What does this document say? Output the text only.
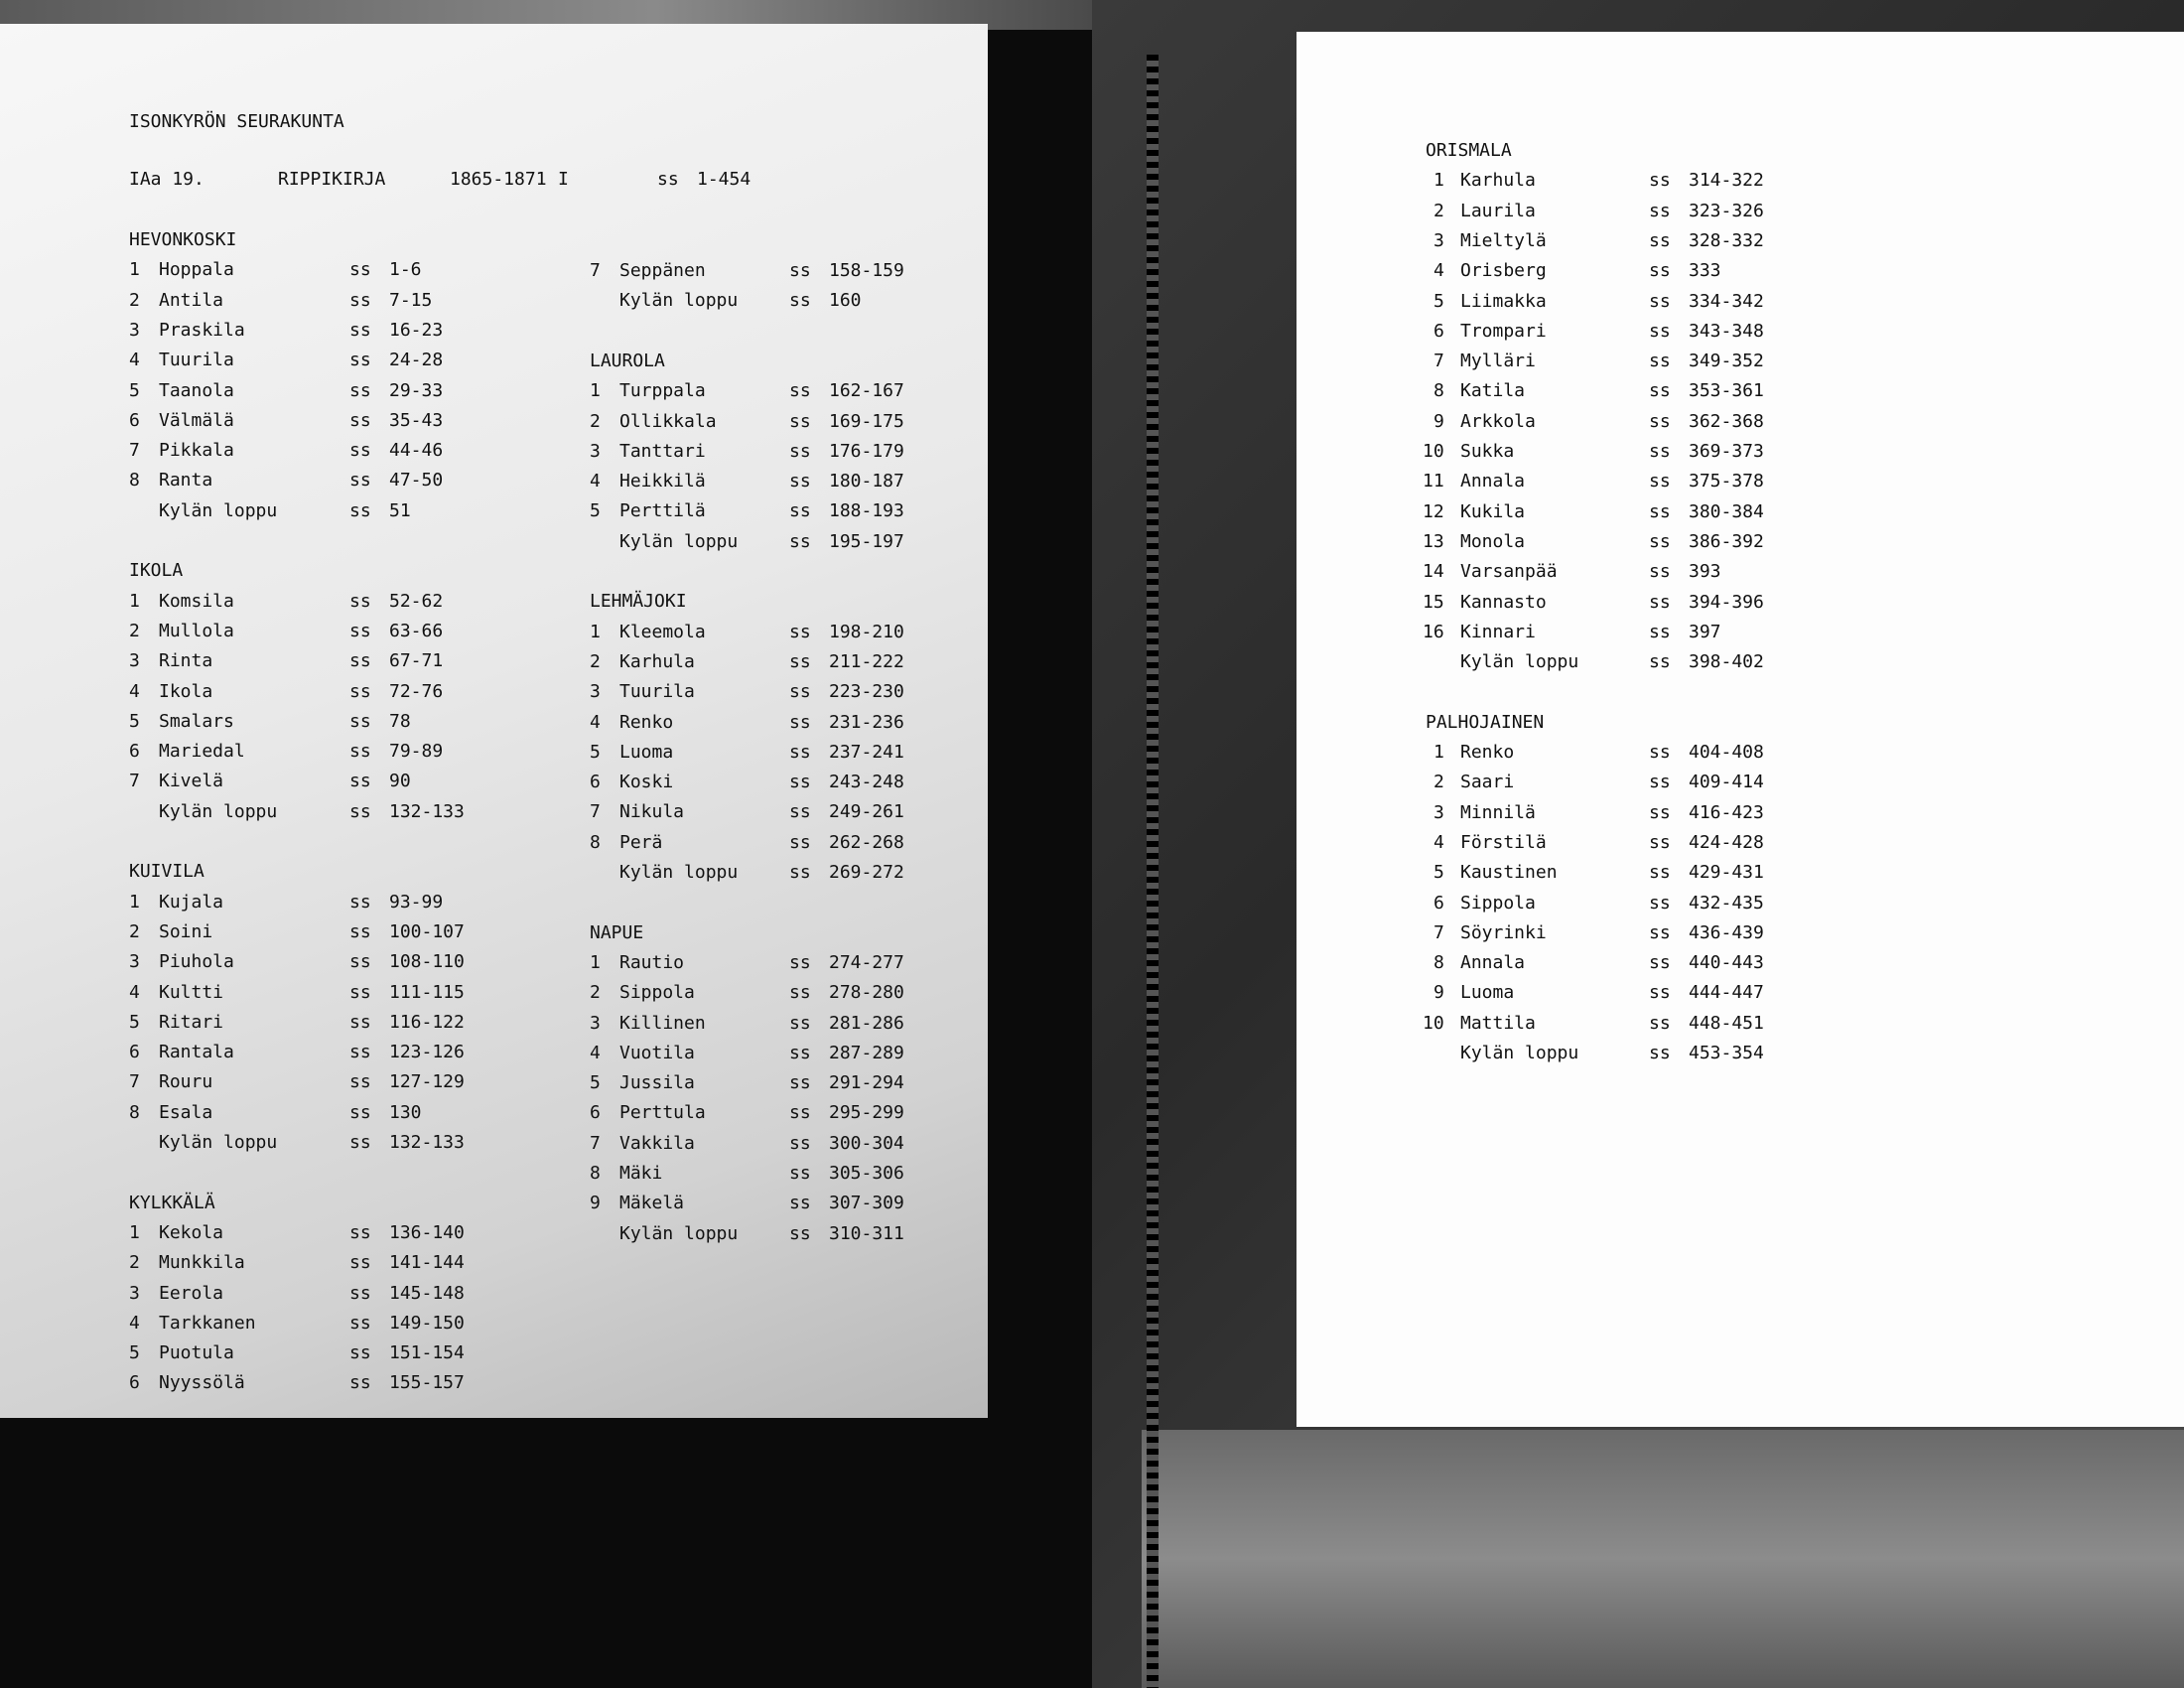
ISONKYRÖN SEURAKUNTA
IAa 19.	RIPPIKIRJA	1865-1871 I	ss 1-454
HEVONKOSKI
1 Hoppala	ss 1-6
2 Antila	ss 7-15
3 Praskila	ss 16-23
4 Tuurila	ss 24-28
5 Taanola	ss 29-33
6 Välmälä	ss 35-43
7 Pikkala	ss 44-46
8 Ranta	ss 47-50
Kylän loppu	ss 51
IKOLA
1 Komsila	ss 52-62
2 Mullola	ss 63-66
3 Rinta	ss 67-71
4 Ikola	ss 72-76
5 Smalars	ss 78
6 Mariedal	ss 79-89
7 Kivelä	ss 90
Kylän loppu	ss 132-133
KUIVILA
1 Kujala	ss 93-99
2 Soini	ss 100-107
3 Piuhola	ss 108-110
4 Kultti	ss 111-115
5 Ritari	ss 116-122
6 Rantala	ss 123-126
7 Rouru	ss 127-129
8 Esala	ss 130
Kylän loppu	ss 132-133
KYLKKÄLÄ
1 Kekola	ss 136-140
2 Munkkila	ss 141-144
3 Eerola	ss 145-148
4 Tarkkanen	ss 149-150
5 Puotula	ss 151-154
6 Nyyssölä	ss 155-157
7 Seppänen	ss 158-159
Kylän loppu	ss 160
LAUROLA
1 Turppala	ss 162-167
2 Ollikkala	ss 169-175
3 Tanttari	ss 176-179
4 Heikkilä	ss 180-187
5 Perttilä	ss 188-193
Kylän loppu	ss 195-197
LEHMÄJOKI
1 Kleemola	ss 198-210
2 Karhula	ss 211-222
3 Tuurila	ss 223-230
4 Renko	ss 231-236
5 Luoma	ss 237-241
6 Koski	ss 243-248
7 Nikula	ss 249-261
8 Perä	ss 262-268
Kylän loppu	ss 269-272
NAPUE
1 Rautio	ss 274-277
2 Sippola	ss 278-280
3 Killinen	ss 281-286
4 Vuotila	ss 287-289
5 Jussila	ss 291-294
6 Perttula	ss 295-299
7 Vakkila	ss 300-304
8 Mäki	ss 305-306
9 Mäkelä	ss 307-309
Kylän loppu	ss 310-311
ORISMALA
1 Karhula	ss 314-322
2 Laurila	ss 323-326
3 Mieltylä	ss 328-332
4 Orisberg	ss 333
5 Liimakka	ss 334-342
6 Trompari	ss 343-348
7 Mylläri	ss 349-352
8 Katila	ss 353-361
9 Arkkola	ss 362-368
10 Sukka	ss 369-373
11 Annala	ss 375-378
12 Kukila	ss 380-384
13 Monola	ss 386-392
14 Varsanpää	ss 393
15 Kannasto	ss 394-396
16 Kinnari	ss 397
Kylän loppu	ss 398-402
PALHOJAINEN
1 Renko	ss 404-408
2 Saari	ss 409-414
3 Minnilä	ss 416-423
4 Förstilä	ss 424-428
5 Kaustinen	ss 429-431
6 Sippola	ss 432-435
7 Söyrinki	ss 436-439
8 Annala	ss 440-443
9 Luoma	ss 444-447
10 Mattila	ss 448-451
Kylän loppu	ss 453-354
